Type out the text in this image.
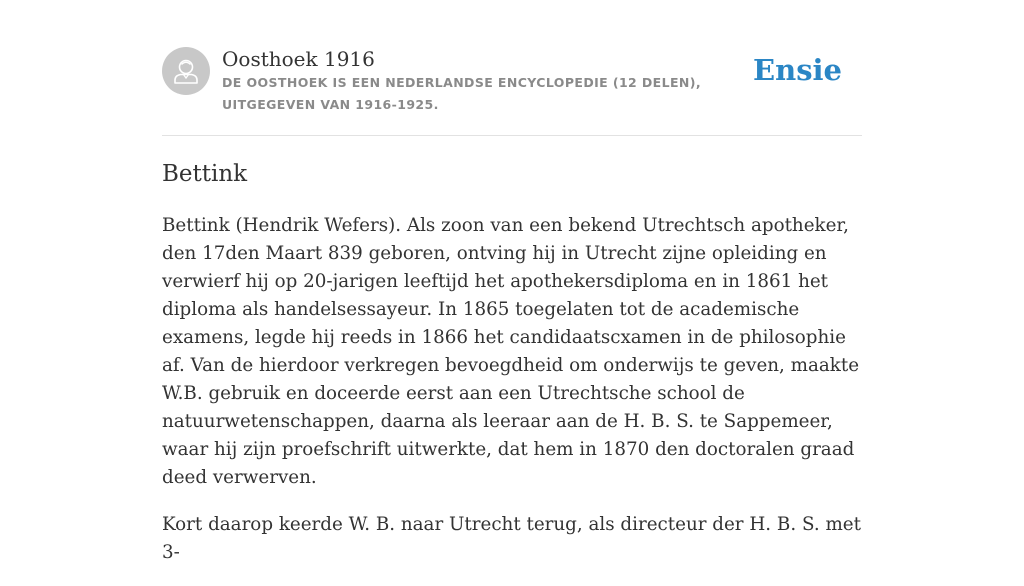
Oosthoek 1916
DE OOSTHOEK IS EEN NEDERLANDSE ENCYCLOPEDIE (12 DELEN), UITGEGEVEN VAN 1916-1925.
Ensie
Bettink

Bettink (Hendrik Wefers). Als zoon van een bekend Utrechtsch apotheker, den 17den Maart 839 geboren, ontving hij in Utrecht zijne opleiding en verwierf hij op 20-jarigen leeftijd het apothekersdiploma en in 1861 het diploma als handelsessayeur. In 1865 toegelaten tot de academische examens, legde hij reeds in 1866 het candidaatscxamen in de philosophie af. Van de hierdoor verkregen bevoegdheid om onderwijs te geven, maakte W.B. gebruik en doceerde eerst aan een Utrechtsche school de natuurwetenschappen, daarna als leeraar aan de H. B. S. te Sappemeer, waar hij zijn proefschrift uitwerkte, dat hem in 1870 den doctoralen graad deed verwerven.

Kort daarop keerde W. B. naar Utrecht terug, als directeur der H. B. S. met 3-
